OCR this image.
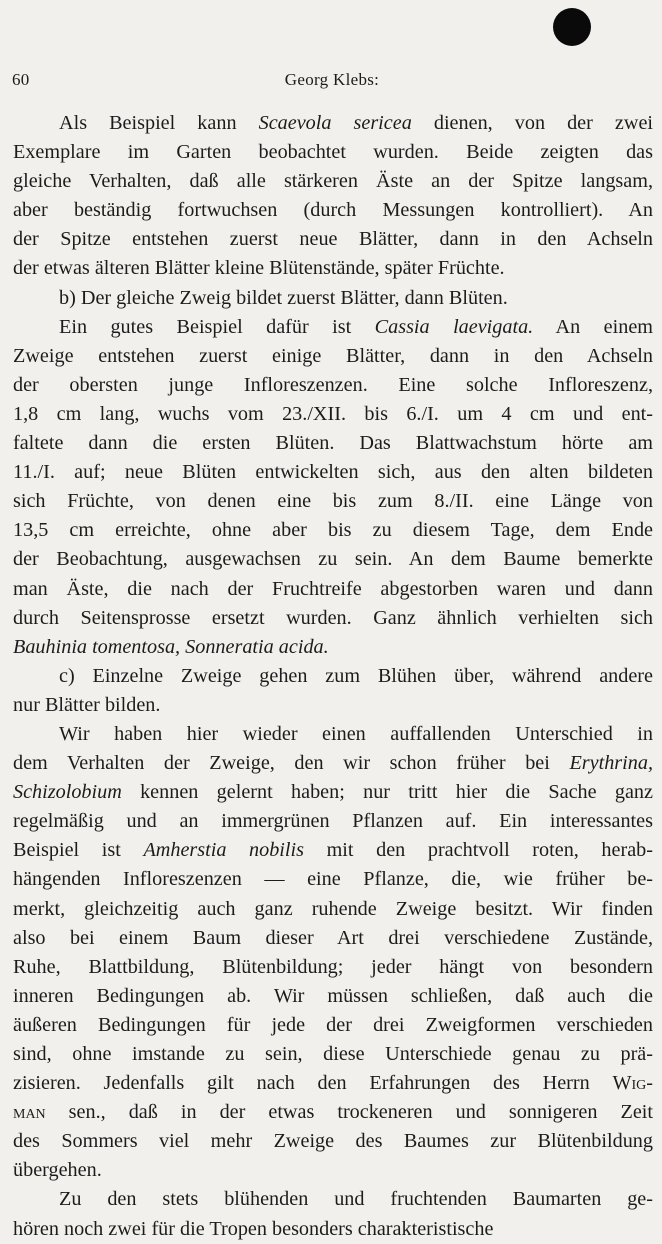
60	Georg Klebs:
Als Beispiel kann Scaevola sericea dienen, von der zwei
Exemplare im Garten beobachtet wurden. Beide zeigten das
gleiche Verhalten, daß alle stärkeren Äste an der Spitze langsam,
aber beständig fortwuchsen (durch Messungen kontrolliert). An
der Spitze entstehen zuerst neue Blätter, dann in den Achseln
der etwas älteren Blätter kleine Blütenstände, später Früchte.
b) Der gleiche Zweig bildet zuerst Blätter, dann Blüten.
Ein gutes Beispiel dafür ist Cassia laevigata. An einem
Zweige entstehen zuerst einige Blätter, dann in den Achseln
der obersten junge Infloreszenzen. Eine solche Infloreszenz,
1,8 cm lang, wuchs vom 23./XII. bis 6./I. um 4 cm und ent-
faltete dann die ersten Blüten. Das Blattwachstum hörte am
11./I. auf; neue Blüten entwickelten sich, aus den alten bildeten
sich Früchte, von denen eine bis zum 8./II. eine Länge von
13,5 cm erreichte, ohne aber bis zu diesem Tage, dem Ende
der Beobachtung, ausgewachsen zu sein. An dem Baume bemerkte
man Äste, die nach der Fruchtreife abgestorben waren und dann
durch Seitensprosse ersetzt wurden. Ganz ähnlich verhielten sich
Bauhinia tomentosa, Sonneratia acida.
c) Einzelne Zweige gehen zum Blühen über, während andere
nur Blätter bilden.
Wir haben hier wieder einen auffallenden Unterschied in
dem Verhalten der Zweige, den wir schon früher bei Erythrina,
Schizolobium kennen gelernt haben; nur tritt hier die Sache ganz
regelmäßig und an immergrünen Pflanzen auf. Ein interessantes
Beispiel ist Amherstia nobilis mit den prachtvoll roten, herab-
hängenden Infloreszenzen — eine Pflanze, die, wie früher be-
merkt, gleichzeitig auch ganz ruhende Zweige besitzt. Wir finden
also bei einem Baum dieser Art drei verschiedene Zustände,
Ruhe, Blattbildung, Blütenbildung; jeder hängt von besondern
inneren Bedingungen ab. Wir müssen schließen, daß auch die
äußeren Bedingungen für jede der drei Zweigformen verschieden
sind, ohne imstande zu sein, diese Unterschiede genau zu prä-
zisieren. Jedenfalls gilt nach den Erfahrungen des Herrn Wig-
man sen., daß in der etwas trockeneren und sonnigeren Zeit
des Sommers viel mehr Zweige des Baumes zur Blütenbildung
übergehen.
Zu den stets blühenden und fruchtenden Baumarten ge-
hören noch zwei für die Tropen besonders charakteristische
